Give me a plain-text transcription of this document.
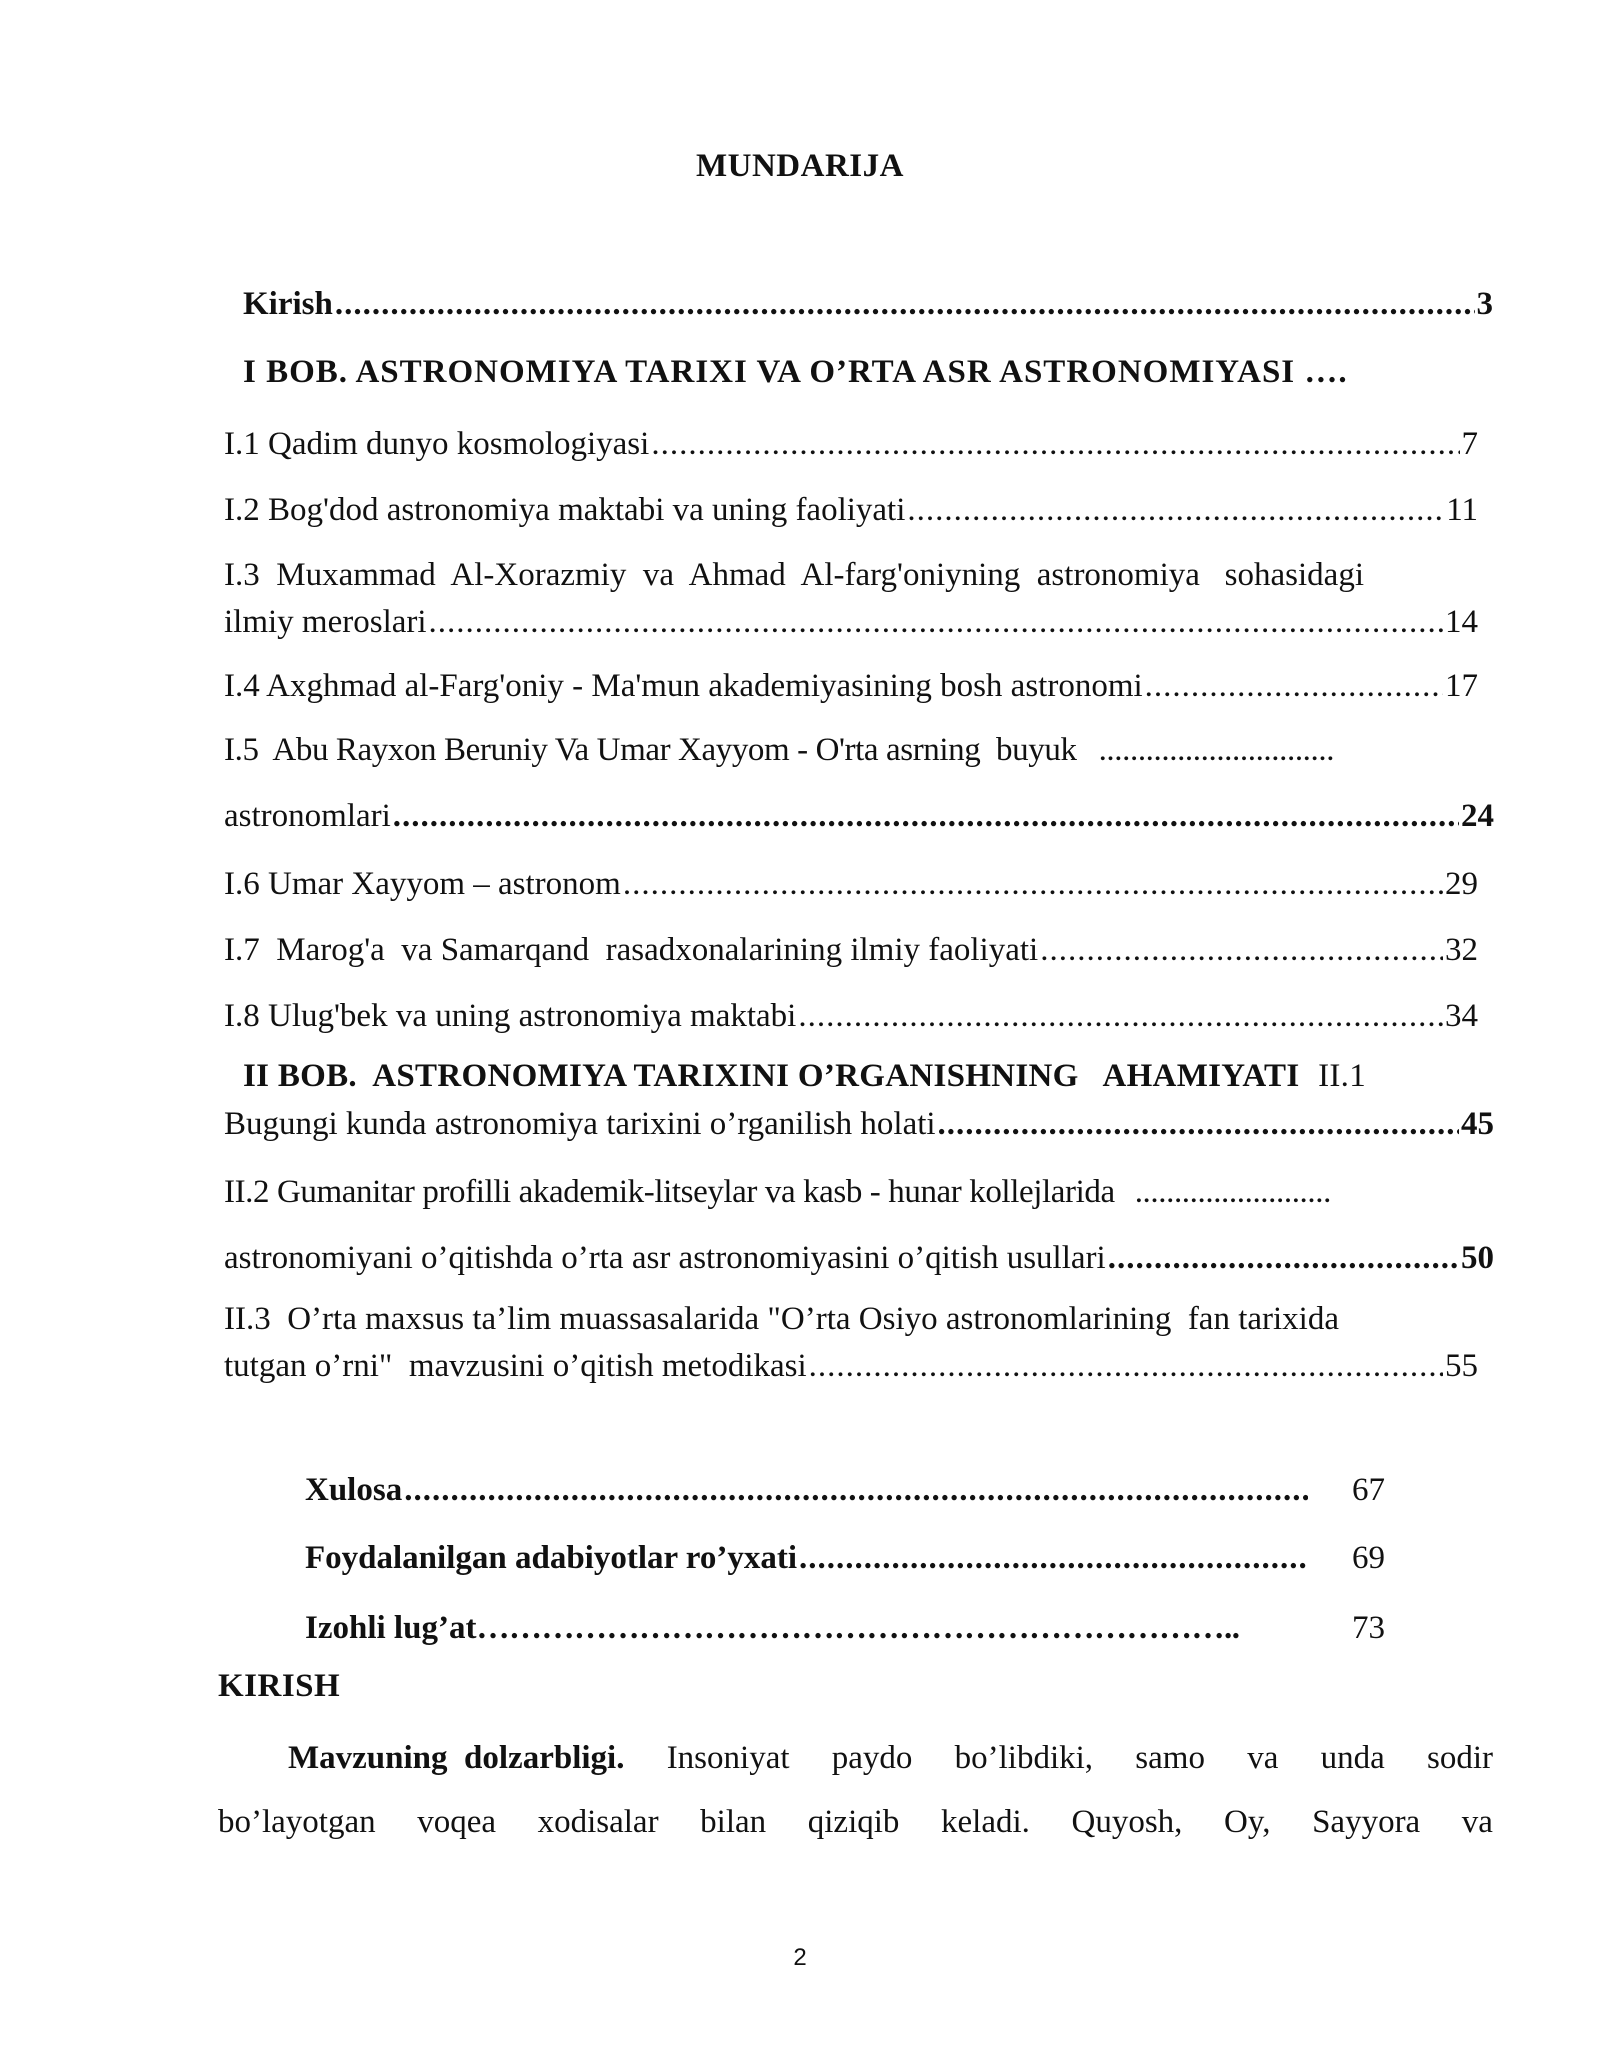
MUNDARIJA
Kirish .....	3
I BOB. ASTRONOMIYA TARIXI VA O’RTA ASR ASTRONOMIYASI ….
I.1 Qadim dunyo kosmologiyasi .....	7
I.2 Bog'dod astronomiya maktabi va uning faoliyati .....	11
I.3  Muxammad  Al-Xorazmiy  va  Ahmad  Al-farg'oniyning  astronomiya   sohasidagi
ilmiy meroslari .....	14
I.4 Axghmad al-Farg'oniy - Ma'mun akademiyasining bosh astronomi .....	17
I.5  Abu Rayxon Beruniy Va Umar Xayyom - O'rta asrning  buyuk ..............................
astronomlari .....	24
I.6 Umar Xayyom – astronom .....	29
I.7  Marog'a  va Samarqand  rasadxonalarining ilmiy faoliyati .....	32
I.8 Ulug'bek va uning astronomiya maktabi .....	34
II BOB.  ASTRONOMIYA TARIXINI O’RGANISHNING   AHAMIYATI II.1
Bugungi kunda astronomiya tarixini o’rganilish holati .....	45
II.2 Gumanitar profilli akademik-litseylar va kasb - hunar kollejlarida .........................
astronomiyani o’qitishda o’rta asr astronomiyasini o’qitish usullari .....	50
II.3  O’rta maxsus ta’lim muassasalarida "O’rta Osiyo astronomlarining  fan tarixida
tutgan o’rni"  mavzusini o’qitish metodikasi .....	55
Xulosa .....	67
Foydalanilgan adabiyotlar ro’yxati .....	69
Izohli lug’at ……………………………………………………………..	73
KIRISH
Mavzuning  dolzarbligi. Insoniyat paydo bo’libdiki, samo va unda sodir
bo’layotgan voqea xodisalar bilan qiziqib keladi. Quyosh, Oy, Sayyora va
2
